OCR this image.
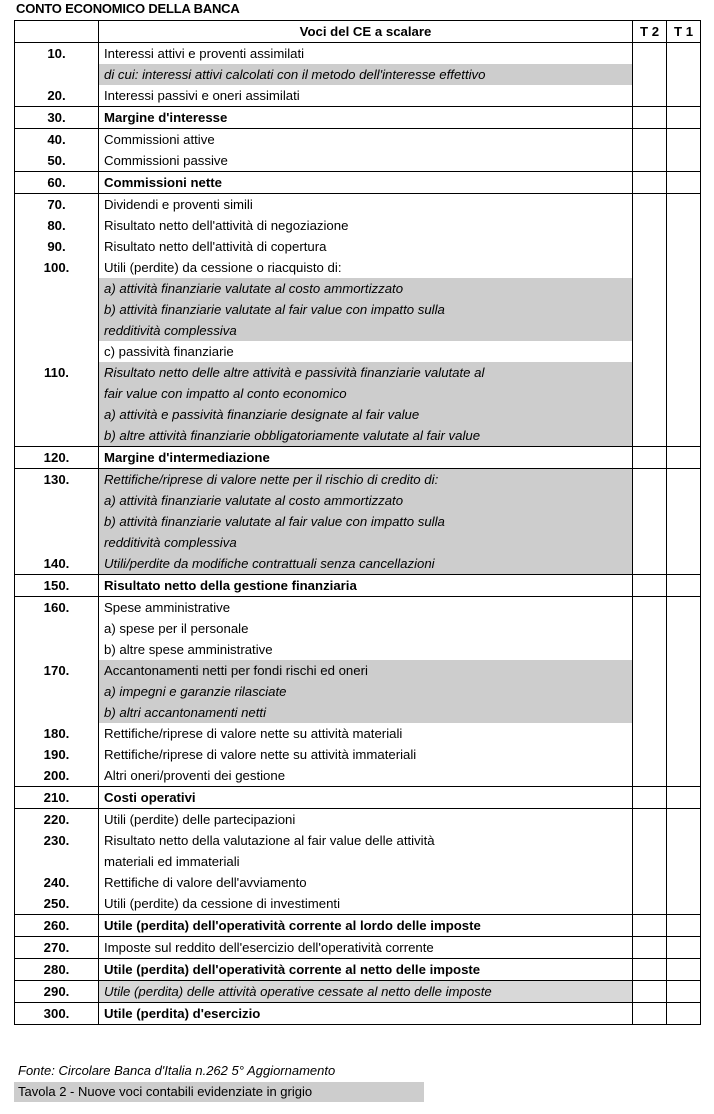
CONTO ECONOMICO DELLA BANCA
	Voci del CE a scalare	T 2	T 1
10.	Interessi attivi e proventi assimilati		
	di cui: interessi attivi calcolati con il metodo dell'interesse effettivo		
20.	Interessi passivi e oneri assimilati		
30.	Margine d'interesse		
40.	Commissioni attive		
50.	Commissioni passive		
60.	Commissioni nette		
70.	Dividendi e proventi simili		
80.	Risultato netto dell'attività di negoziazione		
90.	Risultato netto dell'attività di copertura		
100.	Utili (perdite) da cessione o riacquisto di:		
	a) attività finanziarie valutate al costo ammortizzato		
	b) attività finanziarie valutate al fair value con impatto sulla		
	redditività complessiva		
	c) passività finanziarie		
110.	Risultato netto delle altre attività e passività finanziarie valutate al		
	fair value con impatto al conto economico		
	a) attività e passività finanziarie designate al fair value		
	b) altre attività finanziarie obbligatoriamente valutate al fair value		
120.	Margine d'intermediazione		
130.	Rettifiche/riprese di valore nette per il rischio di credito di:		
	a) attività finanziarie valutate al costo ammortizzato		
	b) attività finanziarie valutate al fair value con impatto sulla		
	redditività complessiva		
140.	Utili/perdite da modifiche contrattuali senza cancellazioni		
150.	Risultato netto della gestione finanziaria		
160.	Spese amministrative		
	a) spese per il personale		
	b) altre spese amministrative		
170.	Accantonamenti netti per fondi rischi ed oneri		
	a) impegni e garanzie rilasciate		
	b) altri accantonamenti netti		
180.	Rettifiche/riprese di valore nette su attività materiali		
190.	Rettifiche/riprese di valore nette su attività immateriali		
200.	Altri oneri/proventi dei gestione		
210.	Costi operativi		
220.	Utili (perdite) delle partecipazioni		
230.	Risultato netto della valutazione al fair value delle attività		
	materiali ed immateriali		
240.	Rettifiche di valore dell'avviamento		
250.	Utili (perdite) da cessione di investimenti		
260.	Utile (perdita) dell'operatività corrente al lordo delle imposte		
270.	Imposte sul reddito dell'esercizio dell'operatività corrente		
280.	Utile (perdita) dell'operatività corrente al netto delle imposte		
290.	Utile (perdita) delle attività operative cessate al netto delle imposte		
300.	Utile (perdita) d'esercizio		
Fonte: Circolare Banca d'Italia n.262 5° Aggiornamento
Tavola 2 - Nuove voci contabili evidenziate in grigio
